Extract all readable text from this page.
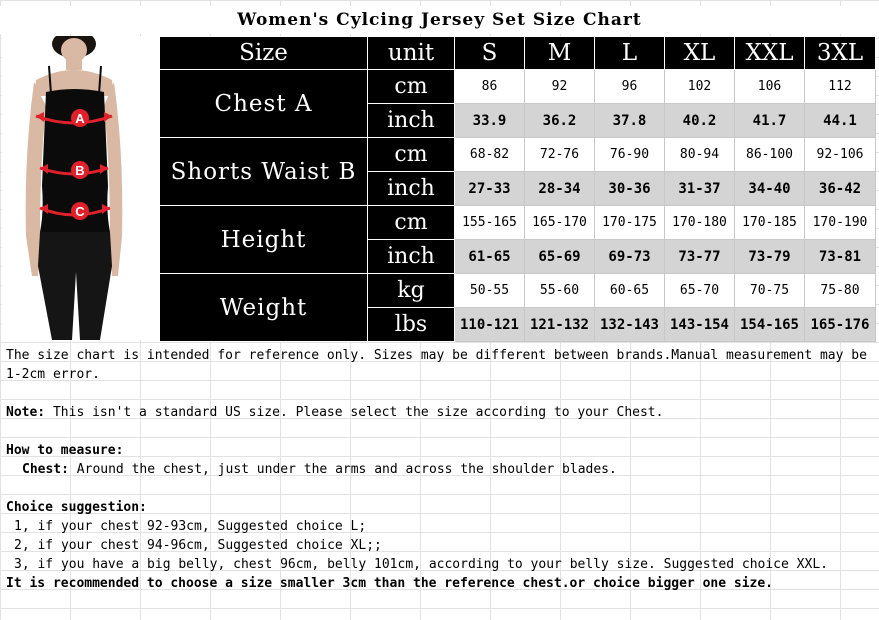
Women's Cylcing Jersey Set Size Chart
A
B
C
Size	unit	S	M	L	XL	XXL	3XL
Chest A	cm	86	92	96	102	106	112
	inch	33.9	36.2	37.8	40.2	41.7	44.1
Shorts Waist B	cm	68-82	72-76	76-90	80-94	86-100	92-106
	inch	27-33	28-34	30-36	31-37	34-40	36-42
Height	cm	155-165	165-170	170-175	170-180	170-185	170-190
	inch	61-65	65-69	69-73	73-77	73-79	73-81
Weight	kg	50-55	55-60	60-65	65-70	70-75	75-80
	lbs	110-121	121-132	132-143	143-154	154-165	165-176

The size chart is intended for reference only. Sizes may be different between brands.Manual measurement may be 1-2cm error.

Note: This isn't a standard US size. Please select the size according to your Chest.

How to measure:

Chest: Around the chest, just under the arms and across the shoulder blades.

Choice suggestion:

1, if your chest 92-93cm, Suggested choice L;

2, if your chest 94-96cm, Suggested choice XL;;

3, if you have a big belly, chest 96cm, belly 101cm, according to your belly size. Suggested choice XXL.

It is recommended to choose a size smaller 3cm than the reference chest.or choice bigger one size.
